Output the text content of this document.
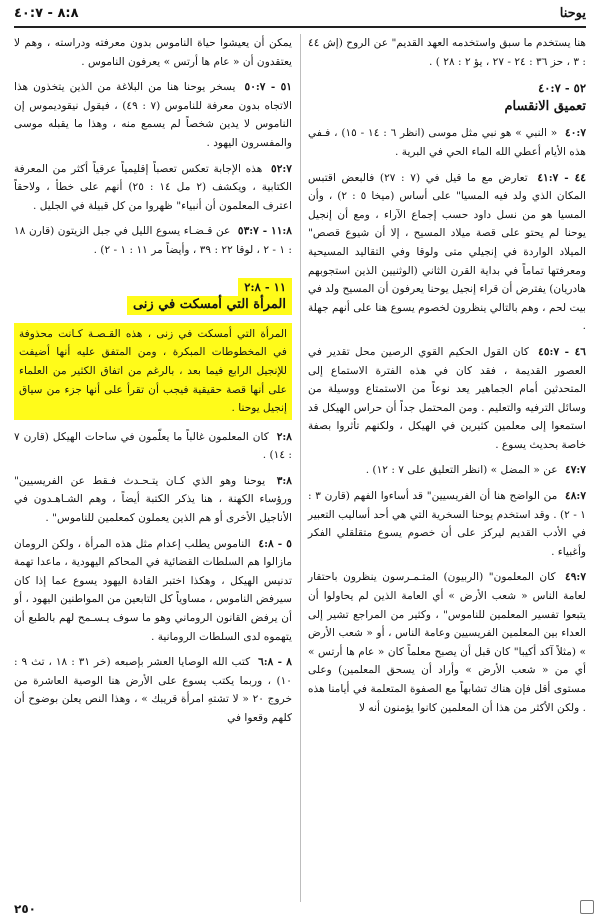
٨:٨ - ٤٠:٧	يوحنا

هنا يستخدم ما سبق واستخدمه العهد القديم" عن الروح (إش ٤٤ : ٣ ، حز ٣٦ : ٢٤ - ٢٧ ، يؤ ٢ : ٢٨ ) .

٥٢ - ٤٠:٧
تعميق الانقسام

٤٠:٧ « النبي » هو نبي مثل موسى (انظر ٦ : ١٤ - ١٥) ، فـفي هذه الأيام أعطي الله الماء الحي في البرية .

٤٤ - ٤١:٧ تعارض مع ما قيل في (٧ : ٢٧) فالبعض اقتبس المكان الذي ولد فيه المسيا" على أساس (ميخا ٥ : ٢) ، وأن المسيا هو من نسل داود حسب إجماع الآراء ، ومع أن إنجيل يوحنا لم يحتو على قصة ميلاد المسيح ، إلا أن شيوع قصص" الميلاد الواردة في إنجيلي متى ولوقا وفي التقاليد المسيحية ومعرفتها تماماً في بداية القرن الثاني (الوثنيين الذين استجوبهم هادريان) يفترض أن قراء إنجيل يوحنا يعرفون أن المسيح ولد في بيت لحم ، وهم بالتالي ينظرون لخصوم يسوع هنا على أنهم جهلة .

٤٦ - ٤٥:٧ كان القول الحكيم القوي الرصين محل تقدير في العصور القديمة ، فقد كان في هذه الفترة الاستماع إلى المتحدثين أمام الجماهير يعد نوعاً من الاستمتاع ووسيلة من وسائل الترفيه والتعليم . ومن المحتمل جداً أن حراس الهيكل قد استمعوا إلى معلمين كثيرين في الهيكل ، ولكنهم تأثروا بصفة خاصة بحديث يسوع .

٤٧:٧ عن « المضل » (انظر التعليق على ٧ : ١٢) .

٤٨:٧ من الواضح هنا أن الفريسيين" قد أساءوا الفهم (قارن ٣ : ١ - ٢) . وقد استخدم يوحنا السخرية التي هي أحد أساليب التعبير في الأدب القديم ليركز على أن خصوم يسوع متقلقلي الفكر وأغبياء .

٤٩:٧ كان المعلمون" (الربيون) المتـمـرسون ينظرون باحتقار لعامة الناس « شعب الأرض » أي العامة الذين لم يحاولوا أن يتبعوا تفسير المعلمين للناموس" ، وكثير من المراجع تشير إلى العداء بين المعلمين الفريسيين وعامة الناس ، أو « شعب الأرض » (مثلاً آكد أكيبا" كان قبل أن يصبح معلماً كان « عام ها أرتس » أي من « شعب الأرض » وأراد أن يسحق المعلمين) وعلى مستوى أقل فإن هناك تشابهاً مع الصفوة المتعلمة في أيامنا هذه . ولكن الأكثر من هذا أن المعلمين كانوا يؤمنون أنه لا

يمكن أن يعيشوا حياة الناموس بدون معرفته ودراسته ، وهم لا يعتقدون أن « عام ها أرتس » يعرفون الناموس .

٥١ - ٥٠:٧ يسخر يوحنا هنا من البلاغة من الذين يتخذون هذا الاتجاه بدون معرفة للناموس (٧ : ٤٩) ، فيقول نيقوديموس إن الناموس لا يدين شخصاً لم يسمع منه ، وهذا ما يقبله موسى والمفسرون اليهود .

٥٢:٧ هذه الإجابة تعكس تعصباً إقليمياً عرقياً أكثر من المعرفة الكتابية ، ويكشف (٢ مل ١٤ : ٢٥) أنهم على خطأ ، ولاحقاً اعترف المعلمون أن أنبياء" ظهروا من كل قبيلة في الجليل .

١١:٨ - ٥٣:٧ عن قـضـاء يسوع الليل في جبل الزيتون (قارن ١٨ : ١ - ٢ ، لوقا ٢٢ : ٣٩ ، وأيضاً مر ١١ : ١ - ٢) .

١١ - ٢:٨
المرأة التي أمسكت في زنى
المرأة التي أمسكت في زنى ، هذه القـصـة كـانت محذوفة في المخطوطات المبكرة ، ومن المتفق عليه أنها أضيفت للإنجيل الرابع فيما بعد ، بالرغم من اتفاق الكثير من العلماء على أنها قصة حقيقية فيجب أن تقرأ على أنها جزء من سياق إنجيل يوحنا .

٢:٨ كان المعلمون غالباً ما يعلّمون في ساحات الهيكل (قارن ٧ : ١٤) .

٣:٨ يوحنا وهو الذي كـان يتـحـدث فـقط عن الفريسيين" ورؤساء الكهنة ، هنا يذكر الكتبة أيضاً ، وهم الشـاهـدون في الأناجيل الأخرى أو هم الذين يعملون كمعلمين للناموس" .

٥ - ٤:٨ الناموس يطلب إعدام مثل هذه المرأة ، ولكن الرومان مازالوا هم السلطات القضائية في المحاكم اليهودية ، ماعدا تهمة تدنيس الهيكل ، وهكذا اختبر القادة اليهود يسوع عما إذا كان سيرفض الناموس ، مساوياً كل التابعين من المواطنين اليهود ، أو أن يرفض القانون الروماني وهو ما سوف يـسـمح لهم بالطبع أن يتهموه لدى السلطات الرومانية .

٨ - ٦:٨ كتب الله الوصايا العشر بإصبعه (خر ٣١ : ١٨ ، تث ٩ : ١٠) ، وربما يكتب يسوع على الأرض هنا الوصية العاشرة من خروج ٢٠ « لا تشتهِ امرأة قريبك » ، وهذا النص يعلن بوضوح أن كلهم وقعوا في

٢٥٠
